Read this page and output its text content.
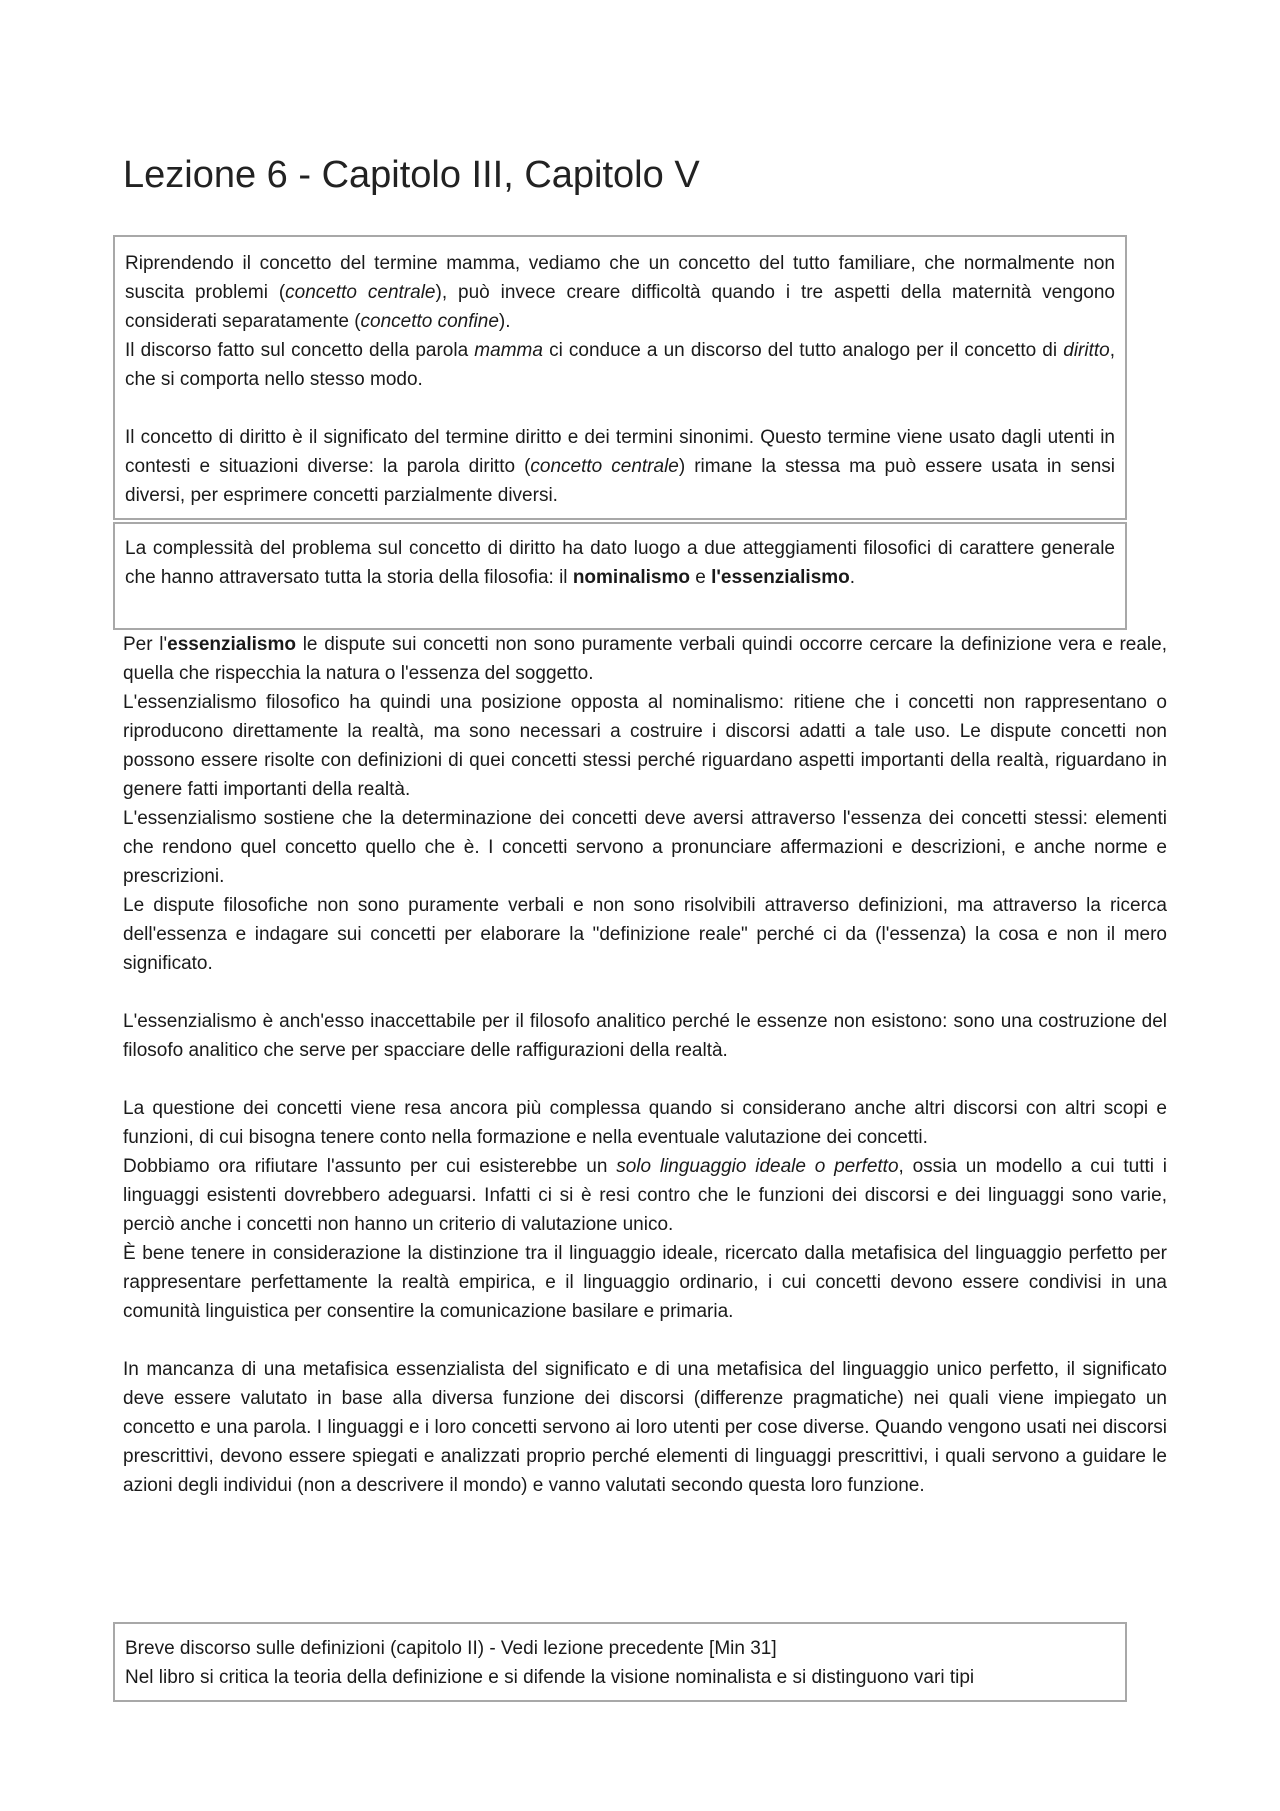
Lezione 6 - Capitolo III, Capitolo V

Riprendendo il concetto del termine mamma, vediamo che un concetto del tutto familiare, che normalmente non suscita problemi (concetto centrale), può invece creare difficoltà quando i tre aspetti della maternità vengono considerati separatamente (concetto confine).

Il discorso fatto sul concetto della parola mamma ci conduce a un discorso del tutto analogo per il concetto di diritto, che si comporta nello stesso modo.

Il concetto di diritto è il significato del termine diritto e dei termini sinonimi. Questo termine viene usato dagli utenti in contesti e situazioni diverse: la parola diritto (concetto centrale) rimane la stessa ma può essere usata in sensi diversi, per esprimere concetti parzialmente diversi.

La complessità del problema sul concetto di diritto ha dato luogo a due atteggiamenti filosofici di carattere generale che hanno attraversato tutta la storia della filosofia: il nominalismo e l'essenzialismo.

Per l'essenzialismo le dispute sui concetti non sono puramente verbali quindi occorre cercare la definizione vera e reale, quella che rispecchia la natura o l'essenza del soggetto.

L'essenzialismo filosofico ha quindi una posizione opposta al nominalismo: ritiene che i concetti non rappresentano o riproducono direttamente la realtà, ma sono necessari a costruire i discorsi adatti a tale uso. Le dispute concetti non possono essere risolte con definizioni di quei concetti stessi perché riguardano aspetti importanti della realtà, riguardano in genere fatti importanti della realtà.

L'essenzialismo sostiene che la determinazione dei concetti deve aversi attraverso l'essenza dei concetti stessi: elementi che rendono quel concetto quello che è. I concetti servono a pronunciare affermazioni e descrizioni, e anche norme e prescrizioni.

Le dispute filosofiche non sono puramente verbali e non sono risolvibili attraverso definizioni, ma attraverso la ricerca dell'essenza e indagare sui concetti per elaborare la "definizione reale" perché ci da (l'essenza) la cosa e non il mero significato.

L'essenzialismo è anch'esso inaccettabile per il filosofo analitico perché le essenze non esistono: sono una costruzione del filosofo analitico che serve per spacciare delle raffigurazioni della realtà.

La questione dei concetti viene resa ancora più complessa quando si considerano anche altri discorsi con altri scopi e funzioni, di cui bisogna tenere conto nella formazione e nella eventuale valutazione dei concetti.

Dobbiamo ora rifiutare l'assunto per cui esisterebbe un solo linguaggio ideale o perfetto, ossia un modello a cui tutti i linguaggi esistenti dovrebbero adeguarsi. Infatti ci si è resi contro che le funzioni dei discorsi e dei linguaggi sono varie, perciò anche i concetti non hanno un criterio di valutazione unico.

È bene tenere in considerazione la distinzione tra il linguaggio ideale, ricercato dalla metafisica del linguaggio perfetto per rappresentare perfettamente la realtà empirica, e il linguaggio ordinario, i cui concetti devono essere condivisi in una comunità linguistica per consentire la comunicazione basilare e primaria.

In mancanza di una metafisica essenzialista del significato e di una metafisica del linguaggio unico perfetto, il significato deve essere valutato in base alla diversa funzione dei discorsi (differenze pragmatiche) nei quali viene impiegato un concetto e una parola. I linguaggi e i loro concetti servono ai loro utenti per cose diverse. Quando vengono usati nei discorsi prescrittivi, devono essere spiegati e analizzati proprio perché elementi di linguaggi prescrittivi, i quali servono a guidare le azioni degli individui (non a descrivere il mondo) e vanno valutati secondo questa loro funzione.

Breve discorso sulle definizioni (capitolo II) - Vedi lezione precedente [Min 31]

Nel libro si critica la teoria della definizione e si difende la visione nominalista e si distinguono vari tipi
